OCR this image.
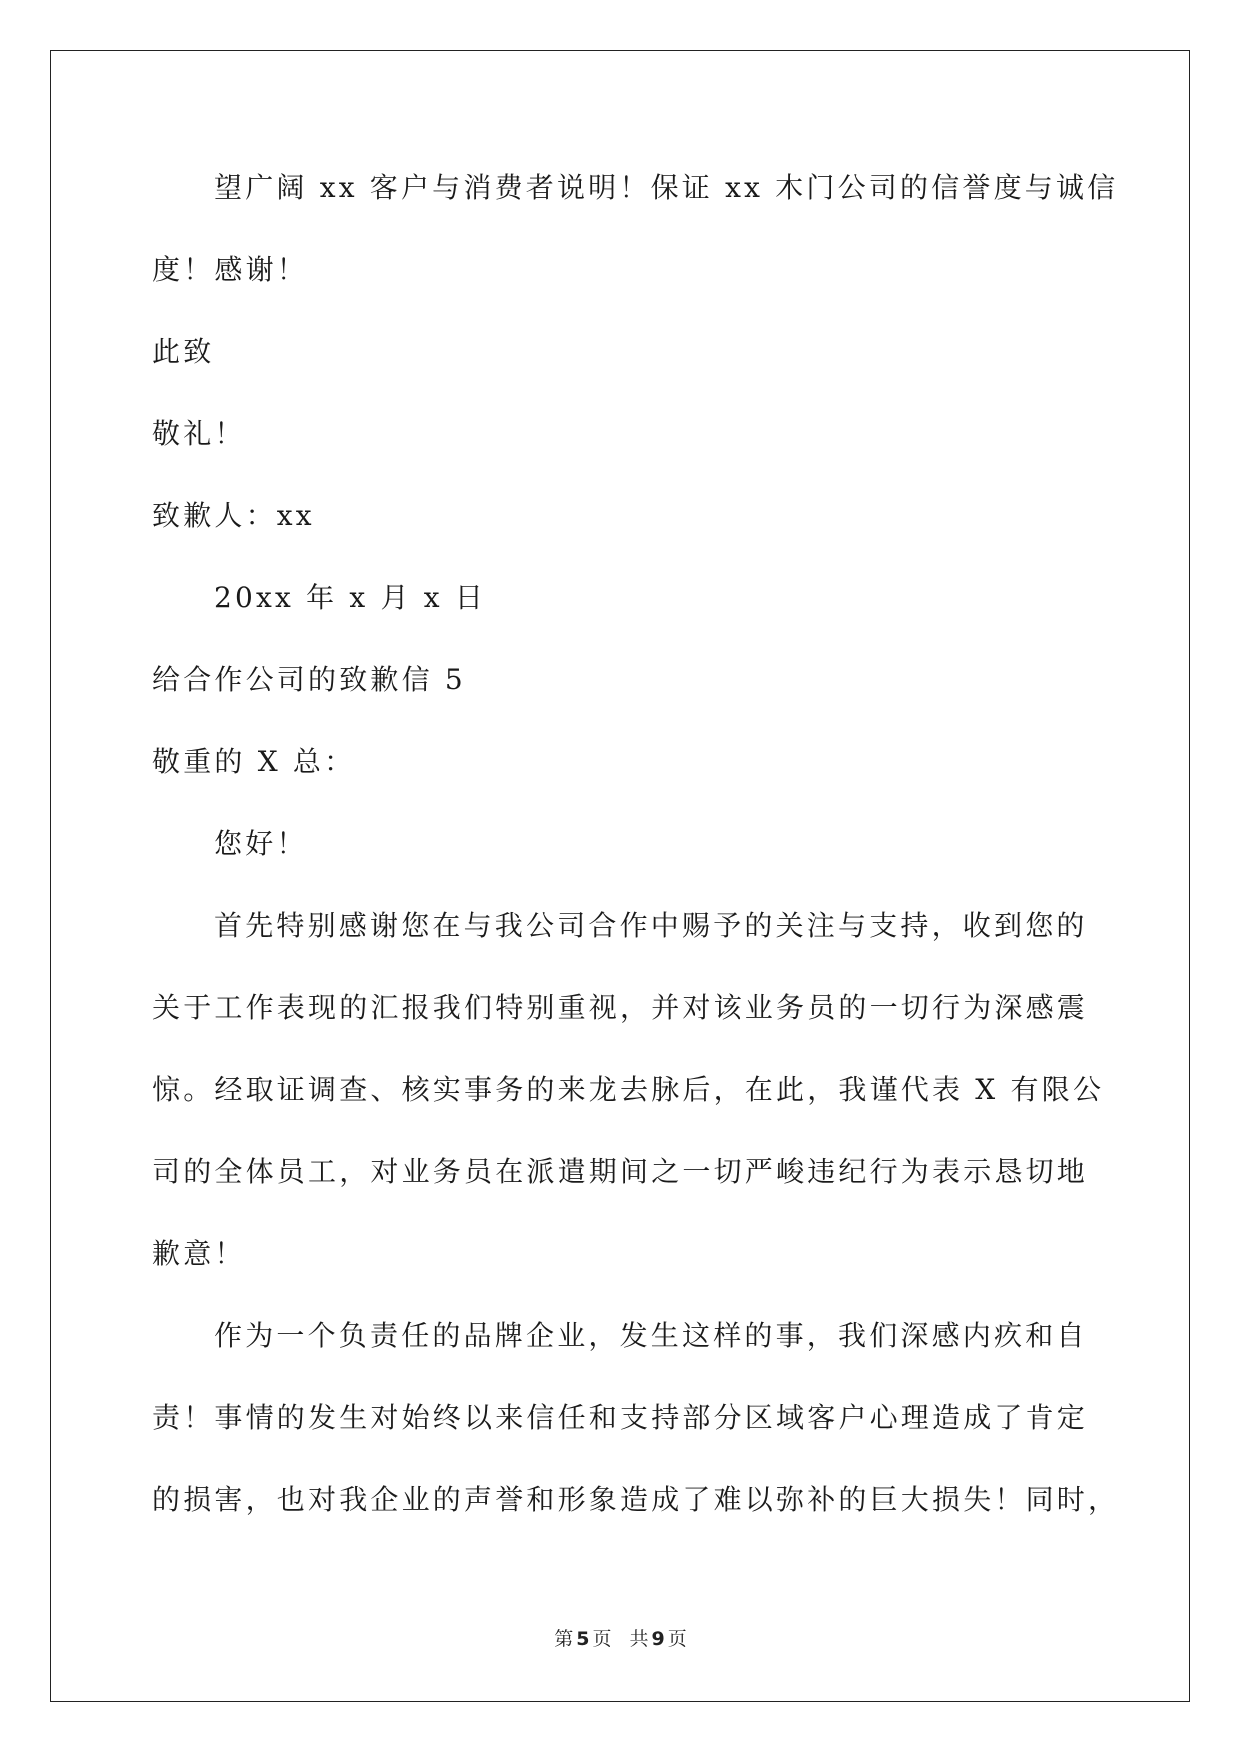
望广阔 xx 客户与消费者说明！保证 xx 木门公司的信誉度与诚信
度！感谢！
此致
敬礼！
致歉人：xx
20xx 年 x 月 x 日
给合作公司的致歉信 5
敬重的 X 总：
您好！
首先特别感谢您在与我公司合作中赐予的关注与支持，收到您的
关于工作表现的汇报我们特别重视，并对该业务员的一切行为深感震
惊。经取证调查、核实事务的来龙去脉后，在此，我谨代表 X 有限公
司的全体员工，对业务员在派遣期间之一切严峻违纪行为表示恳切地
歉意！
作为一个负责任的品牌企业，发生这样的事，我们深感内疚和自
责！事情的发生对始终以来信任和支持部分区域客户心理造成了肯定
的损害，也对我企业的声誉和形象造成了难以弥补的巨大损失！同时，
第 5 页 共 9 页
